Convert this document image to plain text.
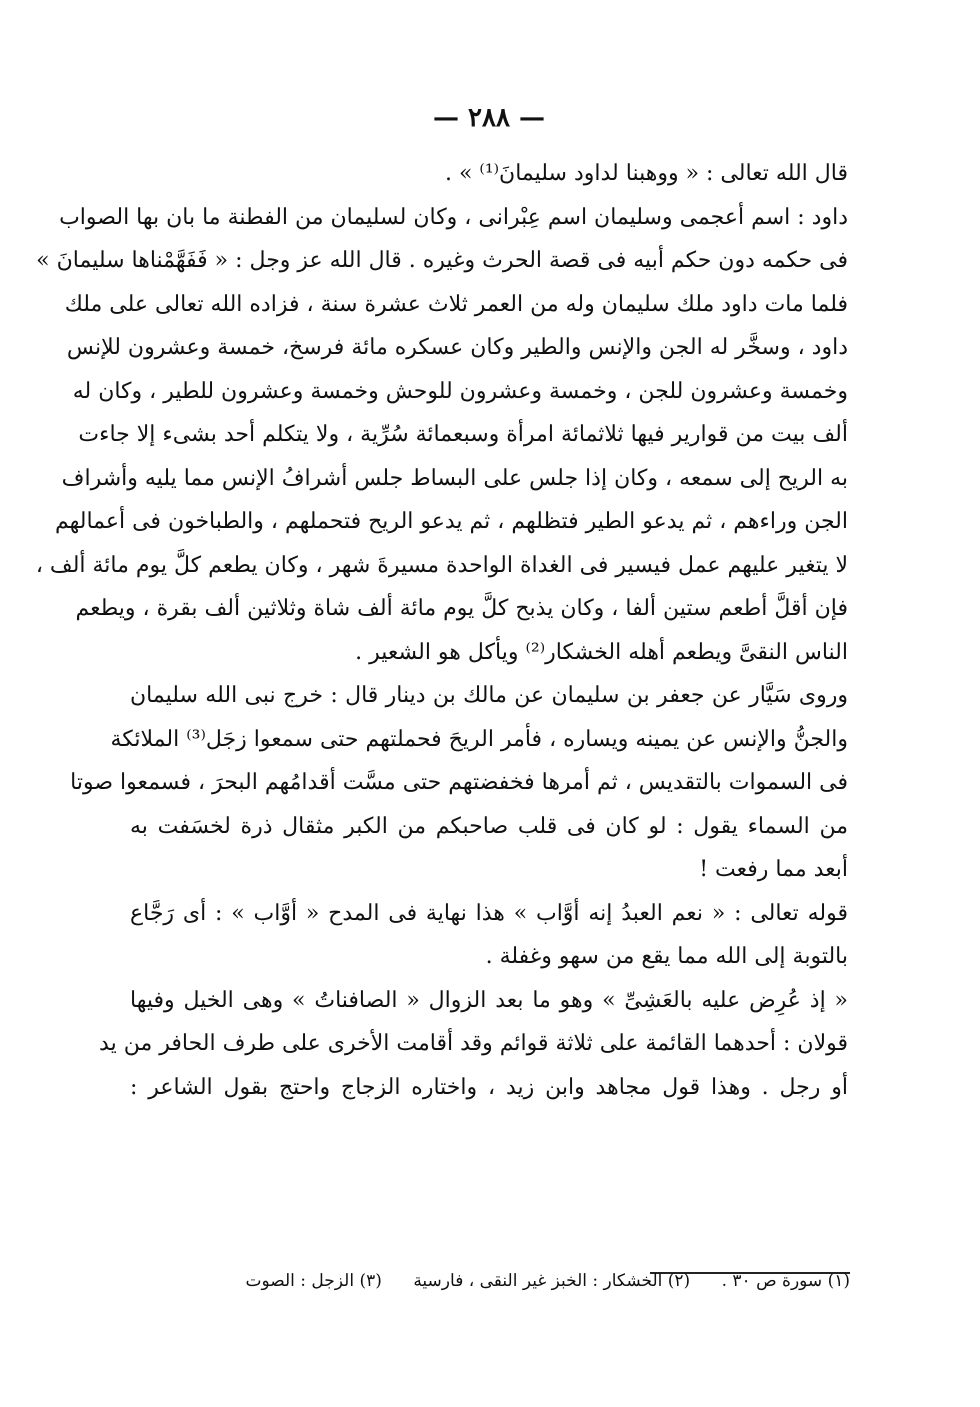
— ٢٨٨ —
قال الله تعالى : « ووهبنا لداود سليمانَ⁽¹⁾ » .
داود : اسم أعجمى وسليمان اسم عِبْرانى ، وكان لسليمان من الفطنة ما بان بها الصواب
فى حكمه دون حكم أبيه فى قصة الحرث وغيره . قال الله عز وجل : « فَفَهَّمْناها سليمانَ »
فلما مات داود ملك سليمان وله من العمر ثلاث عشرة سنة ، فزاده الله تعالى على ملك
داود ، وسخَّر له الجن والإنس والطير وكان عسكره مائة فرسخ، خمسة وعشرون للإنس
وخمسة وعشرون للجن ، وخمسة وعشرون للوحش وخمسة وعشرون للطير ، وكان له
ألف بيت من قوارير فيها ثلاثمائة امرأة وسبعمائة سُرِّية ، ولا يتكلم أحد بشىء إلا جاءت
به الريح إلى سمعه ، وكان إذا جلس على البساط جلس أشرافُ الإنس مما يليه وأشراف
الجن وراءهم ، ثم يدعو الطير فتظلهم ، ثم يدعو الريح فتحملهم ، والطباخون فى أعمالهم
لا يتغير عليهم عمل فيسير فى الغداة الواحدة مسيرةَ شهر ، وكان يطعم كلَّ يوم مائة ألف ،
فإن أقلَّ أطعم ستين ألفا ، وكان يذبح كلَّ يوم مائة ألف شاة وثلاثين ألف بقرة ، ويطعم
الناس النقىَّ ويطعم أهله الخشكار⁽²⁾ ويأكل هو الشعير .
وروى سَيَّار عن جعفر بن سليمان عن مالك بن دينار قال : خرج نبى الله سليمان
والجنُّ والإنس عن يمينه ويساره ، فأمر الريحَ فحملتهم حتى سمعوا زجَل⁽³⁾ الملائكة
فى السموات بالتقديس ، ثم أمرها فخفضتهم حتى مسَّت أقدامُهم البحرَ ، فسمعوا صوتا
من السماء يقول : لو كان فى قلب صاحبكم من الكبر مثقال ذرة لخسَفت به
أبعد مما رفعت !
قوله تعالى : « نعم العبدُ إنه أوَّاب » هذا نهاية فى المدح « أوَّاب » : أى رَجَّاع
بالتوبة إلى الله مما يقع من سهو وغفلة .
« إذ عُرِض عليه بالعَشِىِّ » وهو ما بعد الزوال « الصافناتُ » وهى الخيل وفيها
قولان : أحدهما القائمة على ثلاثة قوائم وقد أقامت الأخرى على طرف الحافر من يد
أو رجل . وهذا قول مجاهد وابن زيد ، واختاره الزجاج واحتج بقول الشاعر :
(١) سورة ص ٣٠ . (٢) الخشكار : الخبز غير النقى ، فارسية (٣) الزجل : الصوت
